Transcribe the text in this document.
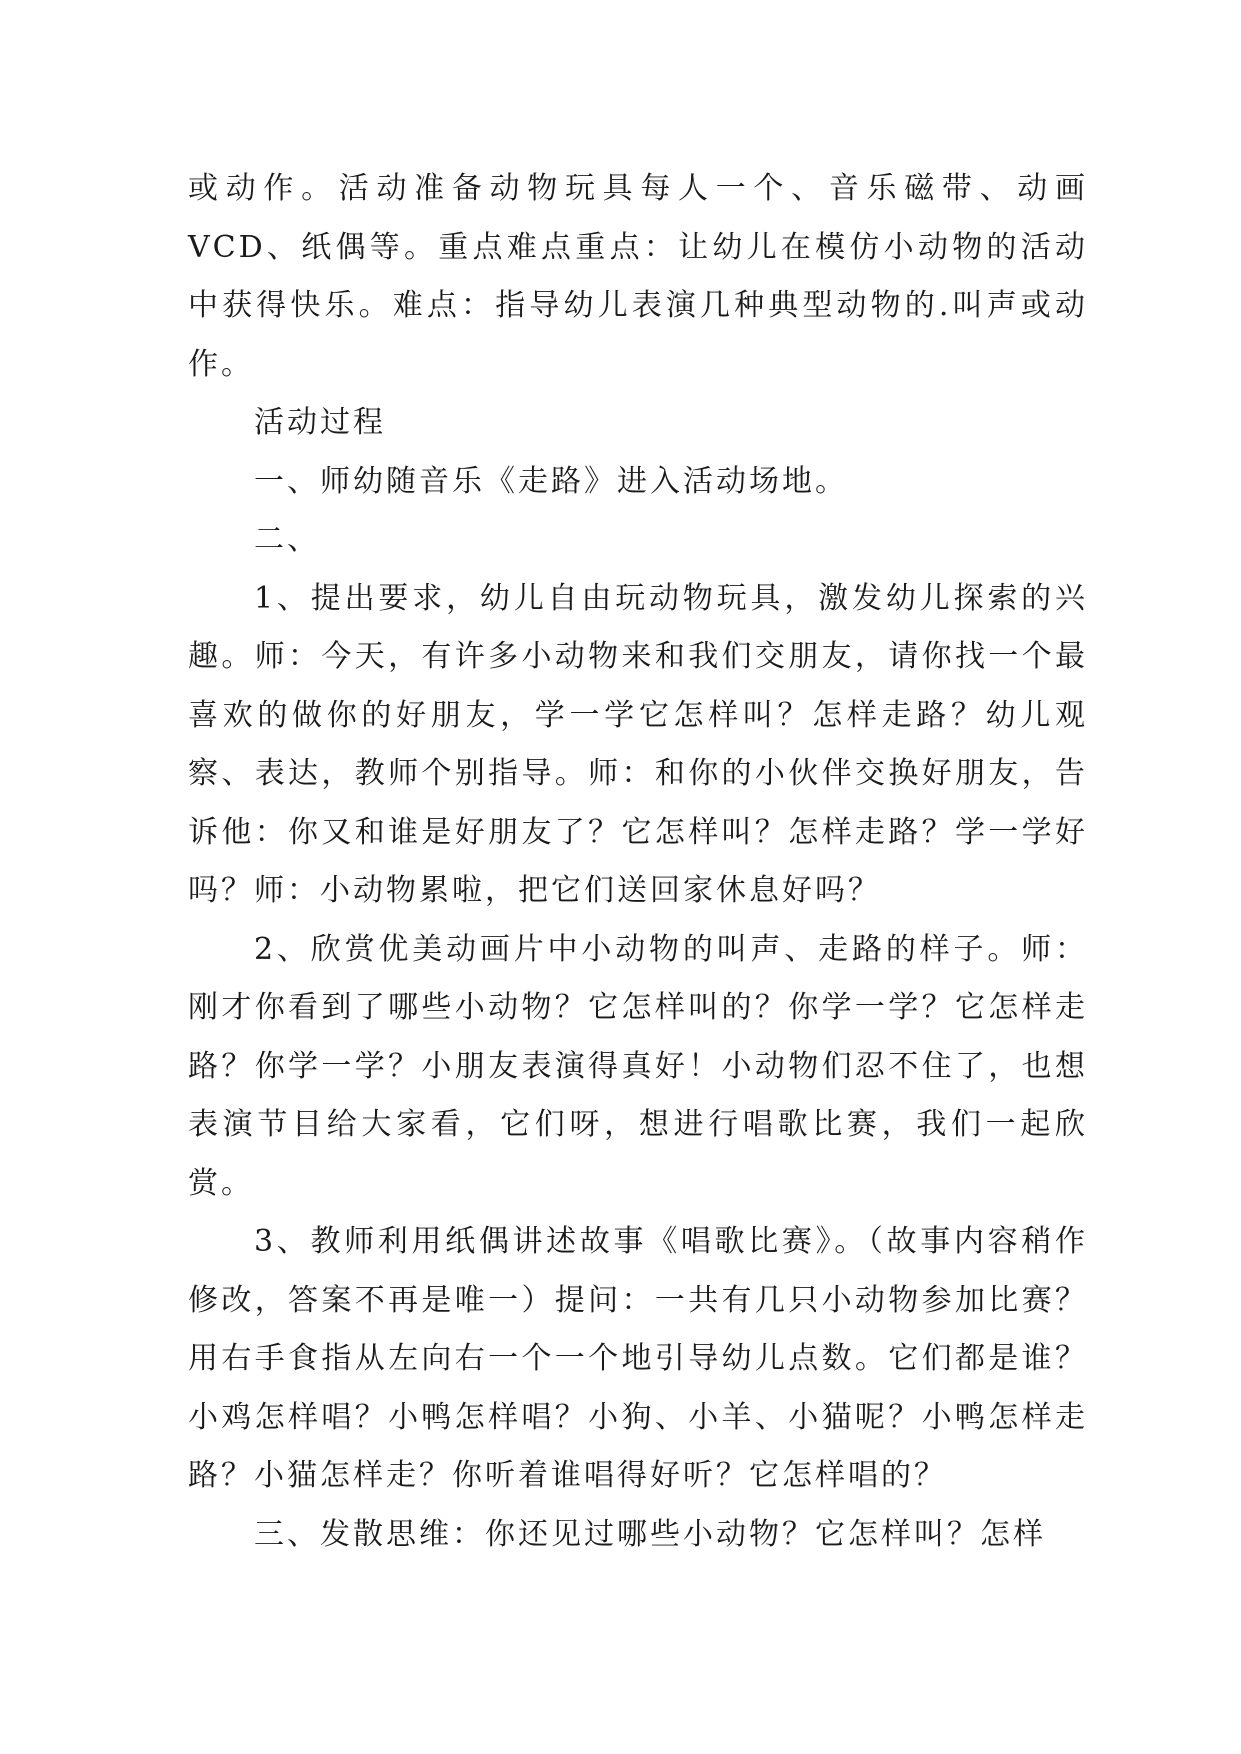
或动作。活动准备动物玩具每人一个、音乐磁带、动画VCD、纸偶等。重点难点重点：让幼儿在模仿小动物的活动中获得快乐。难点：指导幼儿表演几种典型动物的.叫声或动作。

活动过程

一、师幼随音乐《走路》进入活动场地。

二、

1、提出要求，幼儿自由玩动物玩具，激发幼儿探索的兴趣。师：今天，有许多小动物来和我们交朋友，请你找一个最喜欢的做你的好朋友，学一学它怎样叫？怎样走路？幼儿观察、表达，教师个别指导。师：和你的小伙伴交换好朋友，告诉他：你又和谁是好朋友了？它怎样叫？怎样走路？学一学好吗？师：小动物累啦，把它们送回家休息好吗？

2、欣赏优美动画片中小动物的叫声、走路的样子。师：刚才你看到了哪些小动物？它怎样叫的？你学一学？它怎样走路？你学一学？小朋友表演得真好！小动物们忍不住了，也想表演节目给大家看，它们呀，想进行唱歌比赛，我们一起欣赏。

3、教师利用纸偶讲述故事《唱歌比赛》。（故事内容稍作修改，答案不再是唯一）提问：一共有几只小动物参加比赛？用右手食指从左向右一个一个地引导幼儿点数。它们都是谁？小鸡怎样唱？小鸭怎样唱？小狗、小羊、小猫呢？小鸭怎样走路？小猫怎样走？你听着谁唱得好听？它怎样唱的？

三、发散思维：你还见过哪些小动物？它怎样叫？怎样
